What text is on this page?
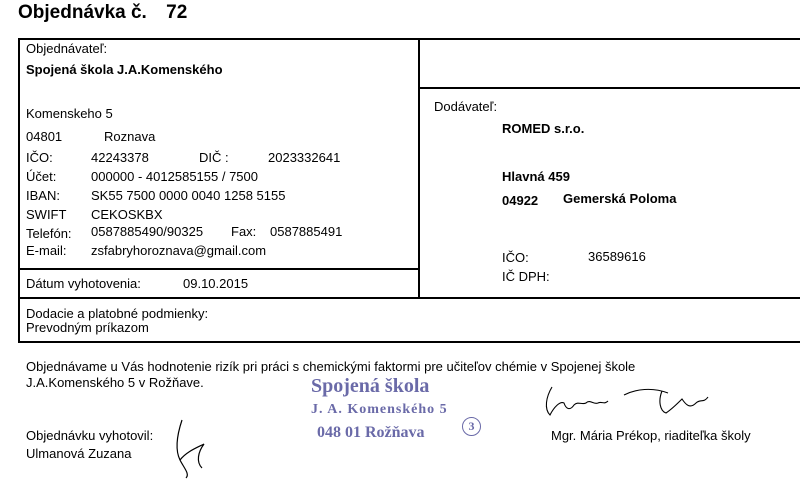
Objednávka č. 72
Objednávateľ:
Spojená škola J.A.Komenského
Komenskeho 5
04801	Roznava
IČO:	42243378	DIČ :	2023332641
Účet:	000000 - 4012585155 / 7500
IBAN: SK55 7500 0000 0040 1258 5155
SWIFT CEKOSKBX
Telefón: 0587885490/90325 Fax: 0587885491
E-mail: zsfabryhoroznava@gmail.com
Dátum vyhotovenia:	09.10.2015
Dodávateľ:
ROMED s.r.o.
Hlavná 459
04922 Gemerská Poloma
IČO:	36589616
IČ DPH:
Dodacie a platobné podmienky:
Prevodným príkazom
Objednávame u Vás hodnotenie rizík pri práci s chemickými faktormi pre učiteľov chémie v Spojenej škole
J.A.Komenského 5 v Rožňave.	Spojená škola
J. A. Komenského 5
048 01 Rožňava	3
Objednávku vyhotovil:
Ulmanová Zuzana
Mgr. Mária Prékop, riaditeľka školy
